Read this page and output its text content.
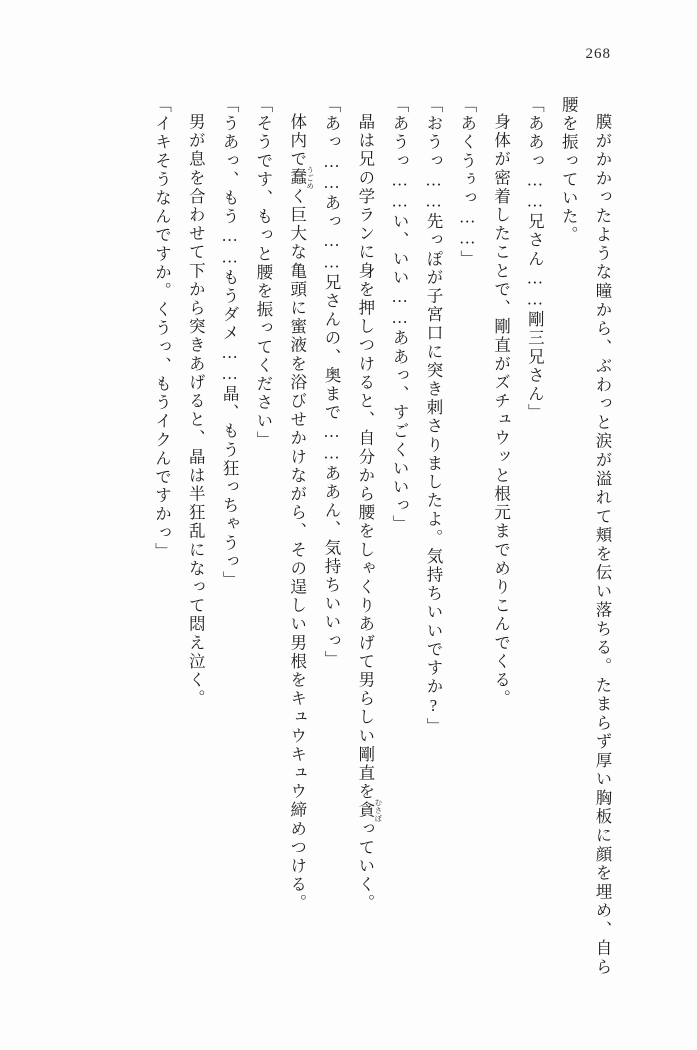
268

膜がかかったような瞳から、ぶわっと涙が溢れて頬を伝い落ちる。たまらず厚い胸板に顔を埋め、自ら腰を振っていた。

「ああっ……兄さん……剛三兄さん」

身体が密着したことで、剛直がズチュウッと根元までめりこんでくる。

「あくうぅっ……」

「おうっ……先っぽが子宮口に突き刺さりましたよ。気持ちいいですか?」

「あうっ……い、いい……ああっ、すごくいいっ」

晶は兄の学ランに身を押しつけると、自分から腰をしゃくりあげて男らしい剛直を貪 むさぼっていく。

「あっ……あっ……兄さんの、奥まで……ああん、気持ちいいっ」

体内で蠢 うごめく巨大な亀頭に蜜液を浴びせかけながら、その逞しい男根をキュウキュウ締めつける。

「そうです、もっと腰を振ってください」

「うあっ、もう……もうダメ……晶、もう狂っちゃうっ」

男が息を合わせて下から突きあげると、晶は半狂乱になって悶え泣く。

「イキそうなんですか。くうっ、もうイクんですかっ」
